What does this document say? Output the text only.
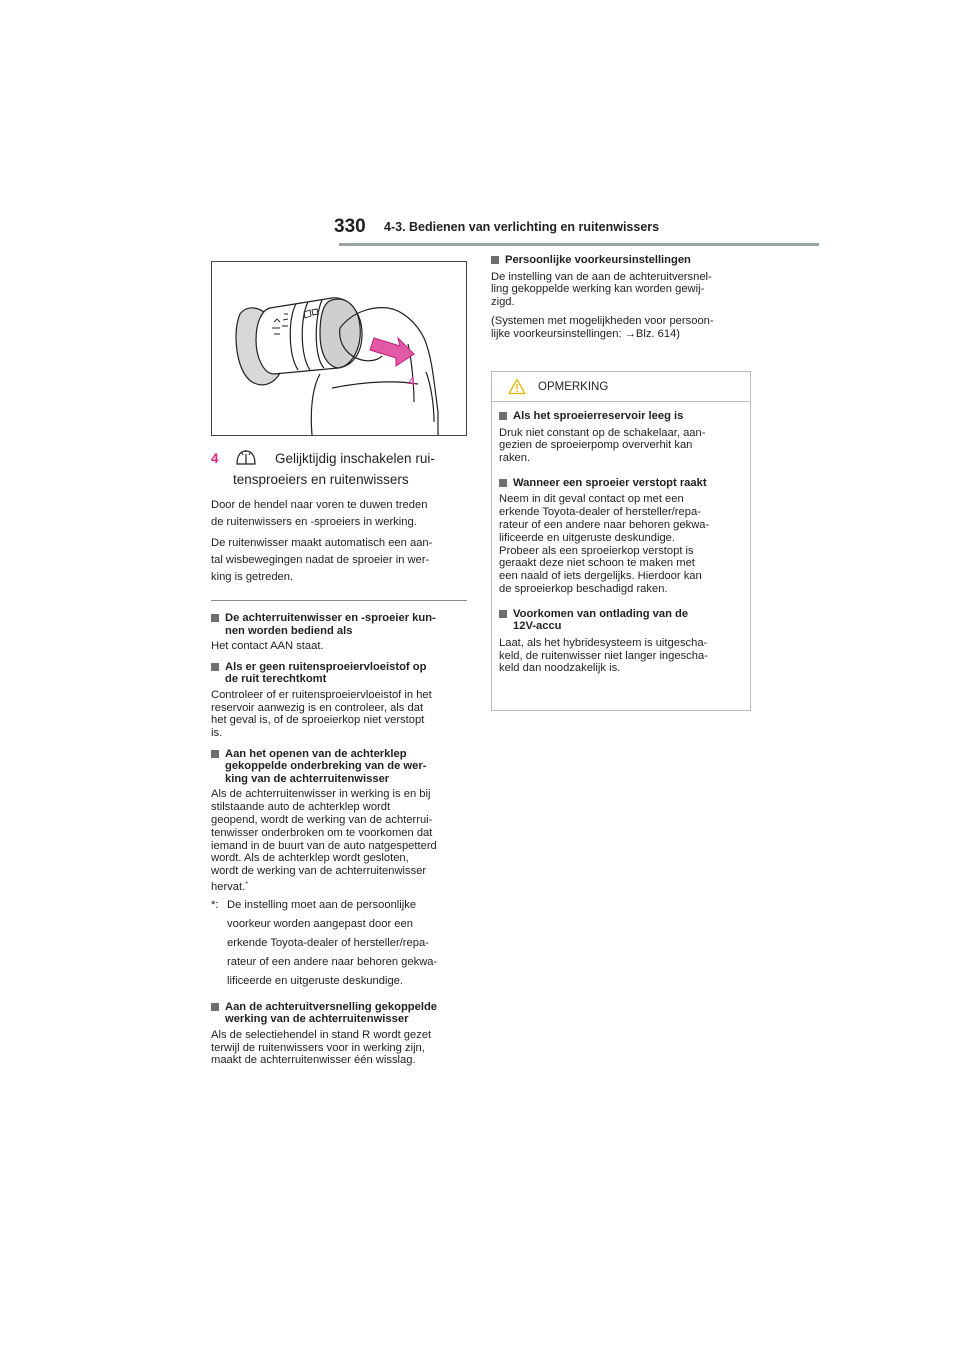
330 4-3. Bedienen van verlichting en ruitenwissers
4
4	Gelijktijdig inschakelen rui-
tensproeiers en ruitenwissers
Door de hendel naar voren te duwen treden
de ruitenwissers en -sproeiers in werking.
De ruitenwisser maakt automatisch een aan-
tal wisbewegingen nadat de sproeier in wer-
king is getreden.
De achterruitenwisser en -sproeier kun-
nen worden bediend als
Het contact AAN staat.
Als er geen ruitensproeiervloeistof op
de ruit terechtkomt
Controleer of er ruitensproeiervloeistof in het
reservoir aanwezig is en controleer, als dat
het geval is, of de sproeierkop niet verstopt
is.
Aan het openen van de achterklep
gekoppelde onderbreking van de wer-
king van de achterruitenwisser
Als de achterruitenwisser in werking is en bij
stilstaande auto de achterklep wordt
geopend, wordt de werking van de achterrui-
tenwisser onderbroken om te voorkomen dat
iemand in de buurt van de auto natgespetterd
wordt. Als de achterklep wordt gesloten,
wordt de werking van de achterruitenwisser
hervat.*
*: De instelling moet aan de persoonlijke
voorkeur worden aangepast door een
erkende Toyota-dealer of hersteller/repa-
rateur of een andere naar behoren gekwa-
lificeerde en uitgeruste deskundige.
Aan de achteruitversnelling gekoppelde
werking van de achterruitenwisser
Als de selectiehendel in stand R wordt gezet
terwijl de ruitenwissers voor in werking zijn,
maakt de achterruitenwisser één wisslag.
Persoonlijke voorkeursinstellingen
De instelling van de aan de achteruitversnel-
ling gekoppelde werking kan worden gewij-
zigd.
(Systemen met mogelijkheden voor persoon-
lijke voorkeursinstellingen: →Blz. 614)
OPMERKING
Als het sproeierreservoir leeg is
Druk niet constant op de schakelaar, aan-
gezien de sproeierpomp oververhit kan
raken.
Wanneer een sproeier verstopt raakt
Neem in dit geval contact op met een
erkende Toyota-dealer of hersteller/repa-
rateur of een andere naar behoren gekwa-
lificeerde en uitgeruste deskundige.
Probeer als een sproeierkop verstopt is
geraakt deze niet schoon te maken met
een naald of iets dergelijks. Hierdoor kan
de sproeierkop beschadigd raken.
Voorkomen van ontlading van de
12V-accu
Laat, als het hybridesysteem is uitgescha-
keld, de ruitenwisser niet langer ingescha-
keld dan noodzakelijk is.
